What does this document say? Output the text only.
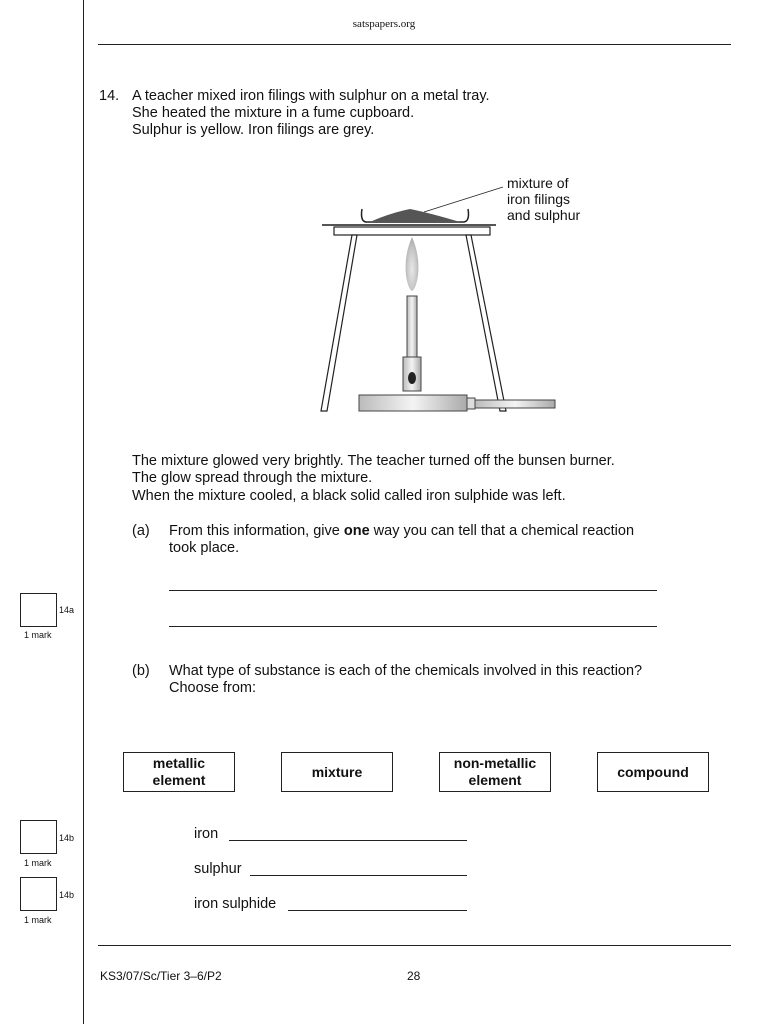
satspapers.org
14. A teacher mixed iron filings with sulphur on a metal tray.
She heated the mixture in a fume cupboard.
Sulphur is yellow. Iron filings are grey.
mixture of
iron filings
and sulphur
The mixture glowed very brightly. The teacher turned off the bunsen burner.
The glow spread through the mixture.
When the mixture cooled, a black solid called iron sulphide was left.
(a) From this information, give one way you can tell that a chemical reaction
took place.
14a
1 mark
(b) What type of substance is each of the chemicals involved in this reaction?
Choose from:
metallic
element
mixture
non-metallic
element
compound
iron
sulphur
iron sulphide
14b
1 mark
14b
1 mark
KS3/07/Sc/Tier 3–6/P2	28
